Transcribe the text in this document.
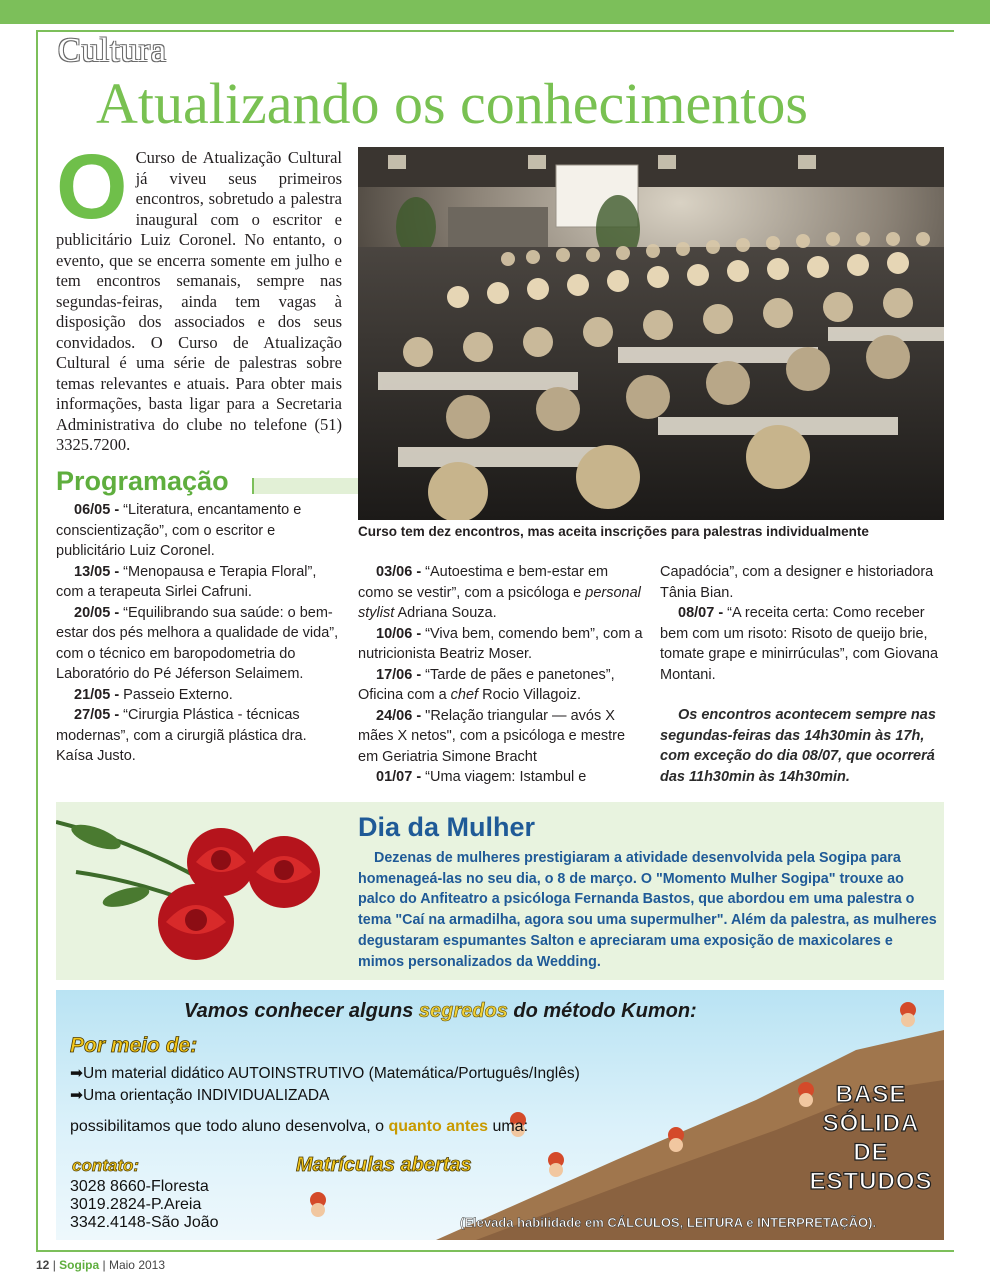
Cultura
Atualizando os conhecimentos
O Curso de Atualização Cultural já viveu seus primeiros encontros, sobretudo a palestra inaugural com o escritor e publicitário Luiz Coronel. No entanto, o evento, que se encerra somente em julho e tem encontros semanais, sempre nas segundas-feiras, ainda tem vagas à disposição dos associados e dos seus convidados. O Curso de Atualização Cultural é uma série de palestras sobre temas relevantes e atuais. Para obter mais informações, basta ligar para a Secretaria Administrativa do clube no telefone (51) 3325.7200.
Curso tem dez encontros, mas aceita inscrições para palestras individualmente
Programação

06/05 - “Literatura, encantamento e conscientização”, com o escritor e publicitário Luiz Coronel.

13/05 - “Menopausa e Terapia Floral”, com a terapeuta Sirlei Cafruni.

20/05 - “Equilibrando sua saúde: o bem-estar dos pés melhora a qualidade de vida”, com o técnico em baropodometria do Laboratório do Pé Jéferson Selaimem.

21/05 - Passeio Externo.

27/05 - “Cirurgia Plástica - técnicas modernas”, com a cirurgiã plástica dra. Kaísa Justo.

03/06 - “Autoestima e bem-estar em como se vestir”, com a psicóloga e personal stylist Adriana Souza.

10/06 - “Viva bem, comendo bem”, com a nutricionista Beatriz Moser.

17/06 - “Tarde de pães e panetones”, Oficina com a chef Rocio Villagoiz.

24/06 - "Relação triangular — avós X mães X netos", com a psicóloga e mestre em Geriatria Simone Bracht

01/07 - “Uma viagem: Istambul e

Capadócia”, com a designer e historiadora Tânia Bian.

08/07 - “A receita certa: Como receber bem com um risoto: Risoto de queijo brie, tomate grape e minirrúculas”, com Giovana Montani.

Os encontros acontecem sempre nas segundas-feiras das 14h30min às 17h, com exceção do dia 08/07, que ocorrerá das 11h30min às 14h30min.

Dia da Mulher
Dezenas de mulheres prestigiaram a atividade desenvolvida pela Sogipa para homenageá-las no seu dia, o 8 de março. O "Momento Mulher Sogipa" trouxe ao palco do Anfiteatro a psicóloga Fernanda Bastos, que abordou em uma palestra o tema "Caí na armadilha, agora sou uma supermulher". Além da palestra, as mulheres degustaram espumantes Salton e apreciaram uma exposição de maxicolares e mimos personalizados da Wedding.
Vamos conhecer alguns segredos do método Kumon:
Por meio de:
➡Um material didático AUTOINSTRUTIVO (Matemática/Português/Inglês)
➡Uma orientação INDIVIDUALIZADA
possibilitamos que todo aluno desenvolva, o quanto antes uma:
contato:	Matrículas abertas
3028 8660-Floresta
3019.2824-P.Areia
3342.4148-São João
BASE
SÓLIDA
DE
ESTUDOS
(Elevada habilidade em CÁLCULOS, LEITURA e INTERPRETAÇÃO).
12 | Sogipa | Maio 2013
